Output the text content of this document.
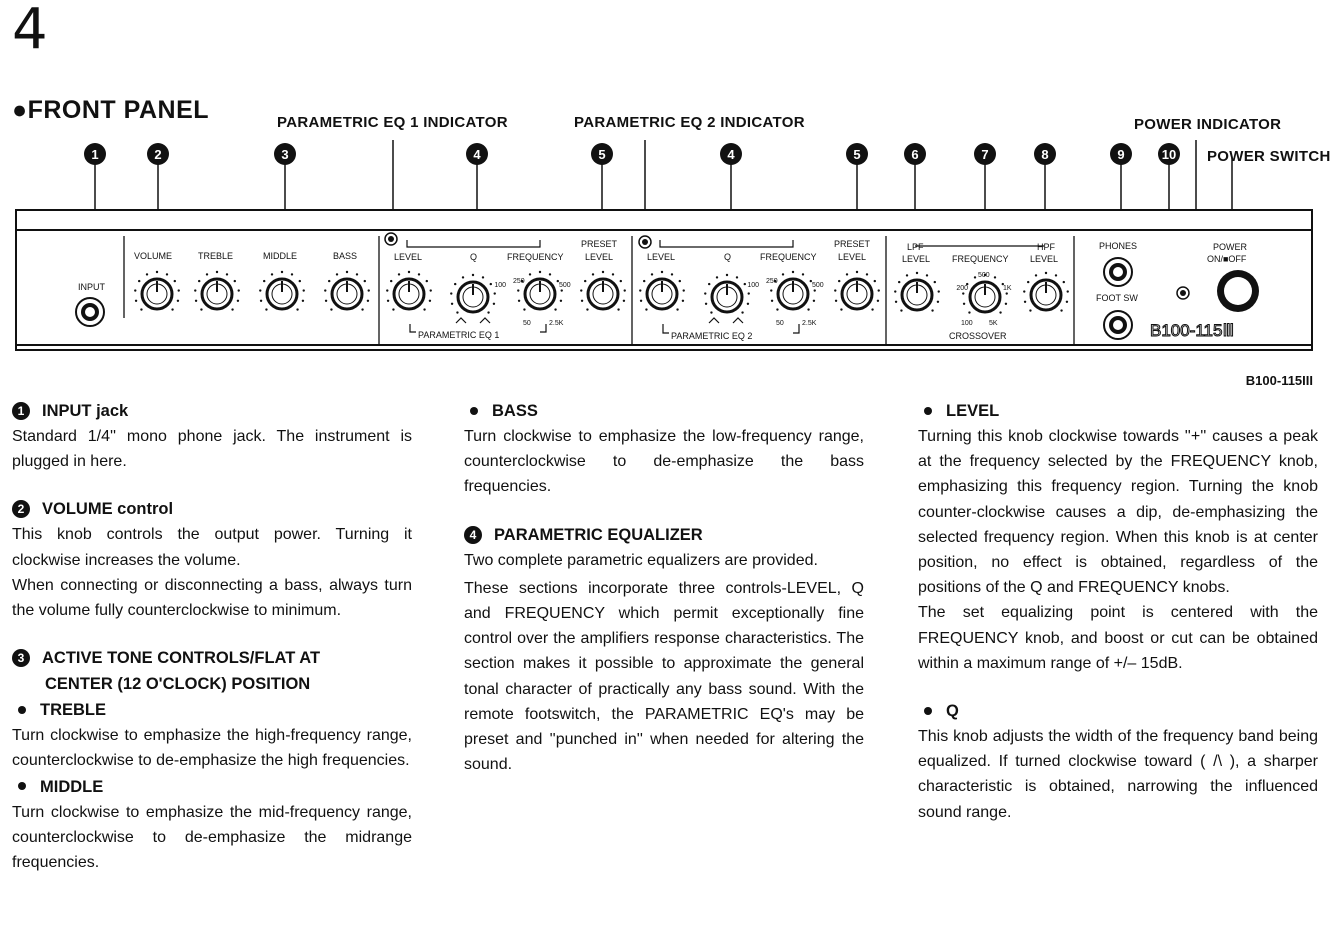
4
●FRONT PANEL	PARAMETRIC EQ 1 INDICATOR	PARAMETRIC EQ 2 INDICATOR	POWER INDICATOR
POWER SWITCH
1	2	3	4	5	4	5	6	7	8	9	10
INPUT
VOLUME	TREBLE	MIDDLE	BASS	LEVEL	Q	FREQUENCY
PRESET
LEVEL	LEVEL	Q	FREQUENCY
PRESET
LEVEL
LPF
LEVEL FREQUENCY
HPF
LEVEL
PARAMETRIC EQ 1	PARAMETRIC EQ 2	CROSSOVER
PHONES
FOOT SW
POWER
ON/■OFF
250
100	500
50	2.5K
250
100	500
50	2.5K
500
200	1K
100 5K	B100-115Ⅲ
B100-115III
1 INPUT jack

Standard 1/4'' mono phone jack. The instrument is plugged in here.

2 VOLUME control

This knob controls the output power. Turning it clockwise increases the volume.

When connecting or disconnecting a bass, always turn the volume fully counterclockwise to minimum.

3 ACTIVE TONE CONTROLS/FLAT AT
CENTER (12 O'CLOCK) POSITION
TREBLE

Turn clockwise to emphasize the high-frequency range, counterclockwise to de-emphasize the high frequencies.

MIDDLE

Turn clockwise to emphasize the mid-frequency range, counterclockwise to de-emphasize the midrange frequencies.

BASS

Turn clockwise to emphasize the low-frequency range, counterclockwise to de-emphasize the bass frequencies.

4 PARAMETRIC EQUALIZER

Two complete parametric equalizers are provided.

These sections incorporate three controls-LEVEL, Q and FREQUENCY which permit exceptionally fine control over the amplifiers response characteristics. The section makes it possible to approximate the general tonal character of practically any bass sound. With the remote footswitch, the PARAMETRIC EQ's may be preset and ''punched in'' when needed for altering the sound.

LEVEL

Turning this knob clockwise towards ''+'' causes a peak at the frequency selected by the FREQUENCY knob, emphasizing this frequency region. Turning the knob counter-clockwise causes a dip, de-emphasizing the selected frequency region. When this knob is at center position, no effect is obtained, regardless of the positions of the Q and FREQUENCY knobs.

The set equalizing point is centered with the FREQUENCY knob, and boost or cut can be obtained within a maximum range of +/– 15dB.

Q

This knob adjusts the width of the frequency band being equalized. If turned clockwise toward ( /\ ), a sharper characteristic is obtained, narrowing the influenced sound range.
